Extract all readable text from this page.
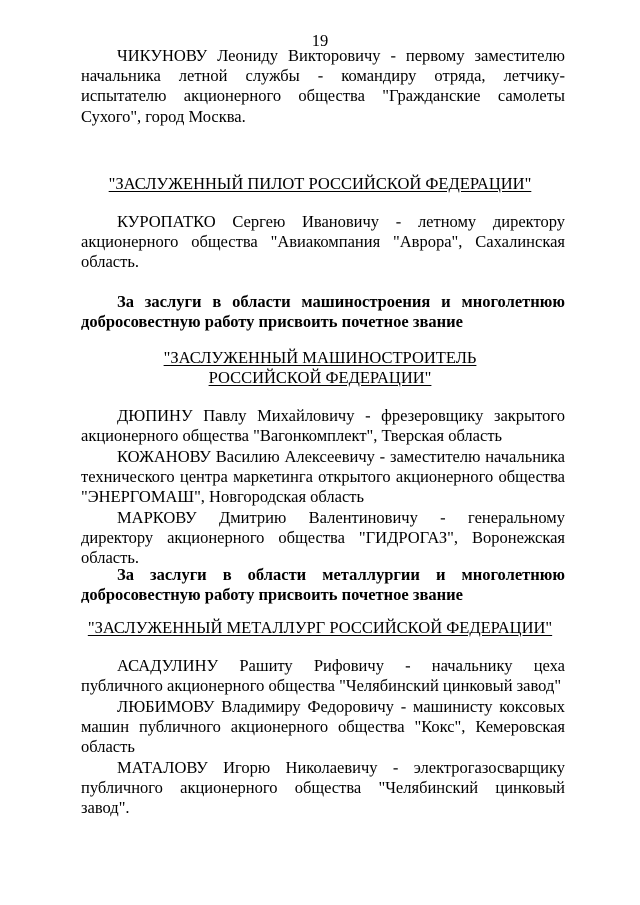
19
ЧИКУНОВУ Леониду Викторовичу - первому заместителю начальника летной службы - командиру отряда, летчику-испытателю акционерного общества "Гражданские самолеты Сухого", город Москва.
"ЗАСЛУЖЕННЫЙ ПИЛОТ РОССИЙСКОЙ ФЕДЕРАЦИИ"
КУРОПАТКО Сергею Ивановичу - летному директору акционерного общества "Авиакомпания "Аврора", Сахалинская область.
За заслуги в области машиностроения и многолетнюю добросовестную работу присвоить почетное звание
"ЗАСЛУЖЕННЫЙ МАШИНОСТРОИТЕЛЬ
РОССИЙСКОЙ ФЕДЕРАЦИИ"
ДЮПИНУ Павлу Михайловичу - фрезеровщику закрытого акционерного общества "Вагонкомплект", Тверская область
КОЖАНОВУ Василию Алексеевичу - заместителю начальника технического центра маркетинга открытого акционерного общества "ЭНЕРГОМАШ", Новгородская область
МАРКОВУ Дмитрию Валентиновичу - генеральному директору акционерного общества "ГИДРОГАЗ", Воронежская область.
За заслуги в области металлургии и многолетнюю добросовестную работу присвоить почетное звание
"ЗАСЛУЖЕННЫЙ МЕТАЛЛУРГ РОССИЙСКОЙ ФЕДЕРАЦИИ"
АСАДУЛИНУ Рашиту Рифовичу - начальнику цеха публичного акционерного общества "Челябинский цинковый завод"
ЛЮБИМОВУ Владимиру Федоровичу - машинисту коксовых машин публичного акционерного общества "Кокс", Кемеровская область
МАТАЛОВУ Игорю Николаевичу - электрогазосварщику публичного акционерного общества "Челябинский цинковый завод".
